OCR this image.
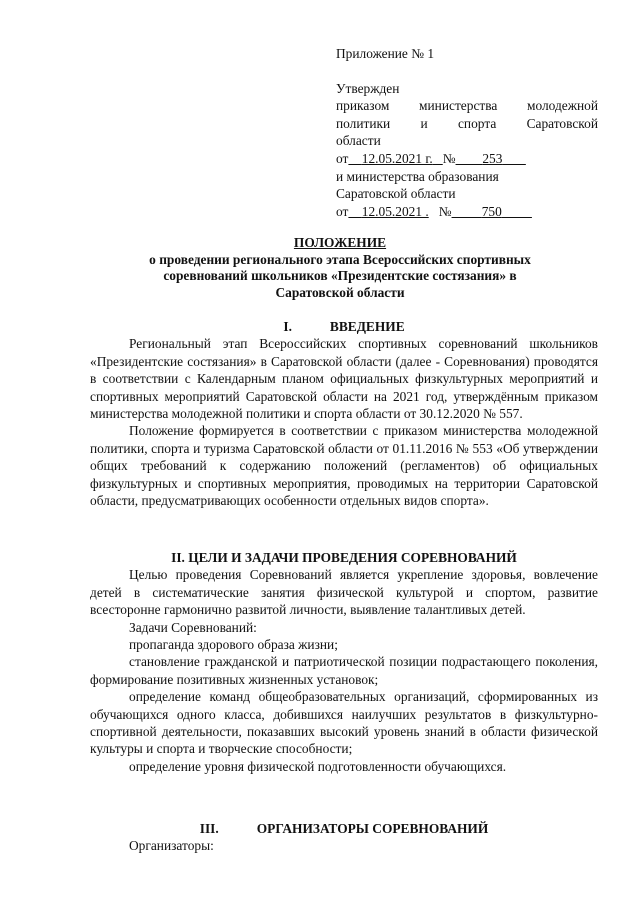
Приложение № 1
Утвержден
приказом министерства молодежной
политики и спорта Саратовской
области
от 12.05.2021 г. № 253
и министерства образования
Саратовской области
от 12.05.2021 . № 750
ПОЛОЖЕНИЕ
о проведении регионального этапа Всероссийских спортивных
соревнований школьников «Президентские состязания» в
Саратовской области

I.	ВВЕДЕНИЕ

Региональный этап Всероссийских спортивных соревнований школьников «Президентские состязания» в Саратовской области (далее - Соревнования) проводятся в соответствии с Календарным планом официальных физкультурных мероприятий и спортивных мероприятий Саратовской области на 2021 год, утверждённым приказом министерства молодежной политики и спорта области от 30.12.2020 № 557.

Положение формируется в соответствии с приказом министерства молодежной политики, спорта и туризма Саратовской области от 01.11.2016 № 553 «Об утверждении общих требований к содержанию положений (регламентов) об официальных физкультурных и спортивных мероприятия, проводимых на территории Саратовской области, предусматривающих особенности отдельных видов спорта».

II. ЦЕЛИ И ЗАДАЧИ ПРОВЕДЕНИЯ СОРЕВНОВАНИЙ

Целью проведения Соревнований является укрепление здоровья, вовлечение детей в систематические занятия физической культурой и спортом, развитие всесторонне гармонично развитой личности, выявление талантливых детей.

Задачи Соревнований:

пропаганда здорового образа жизни;

становление гражданской и патриотической позиции подрастающего поколения, формирование позитивных жизненных установок;

определение команд общеобразовательных организаций, сформированных из обучающихся одного класса, добившихся наилучших результатов в физкультурно-спортивной деятельности, показавших высокий уровень знаний в области физической культуры и спорта и творческие способности;

определение уровня физической подготовленности обучающихся.

III.	ОРГАНИЗАТОРЫ СОРЕВНОВАНИЙ

Организаторы:
